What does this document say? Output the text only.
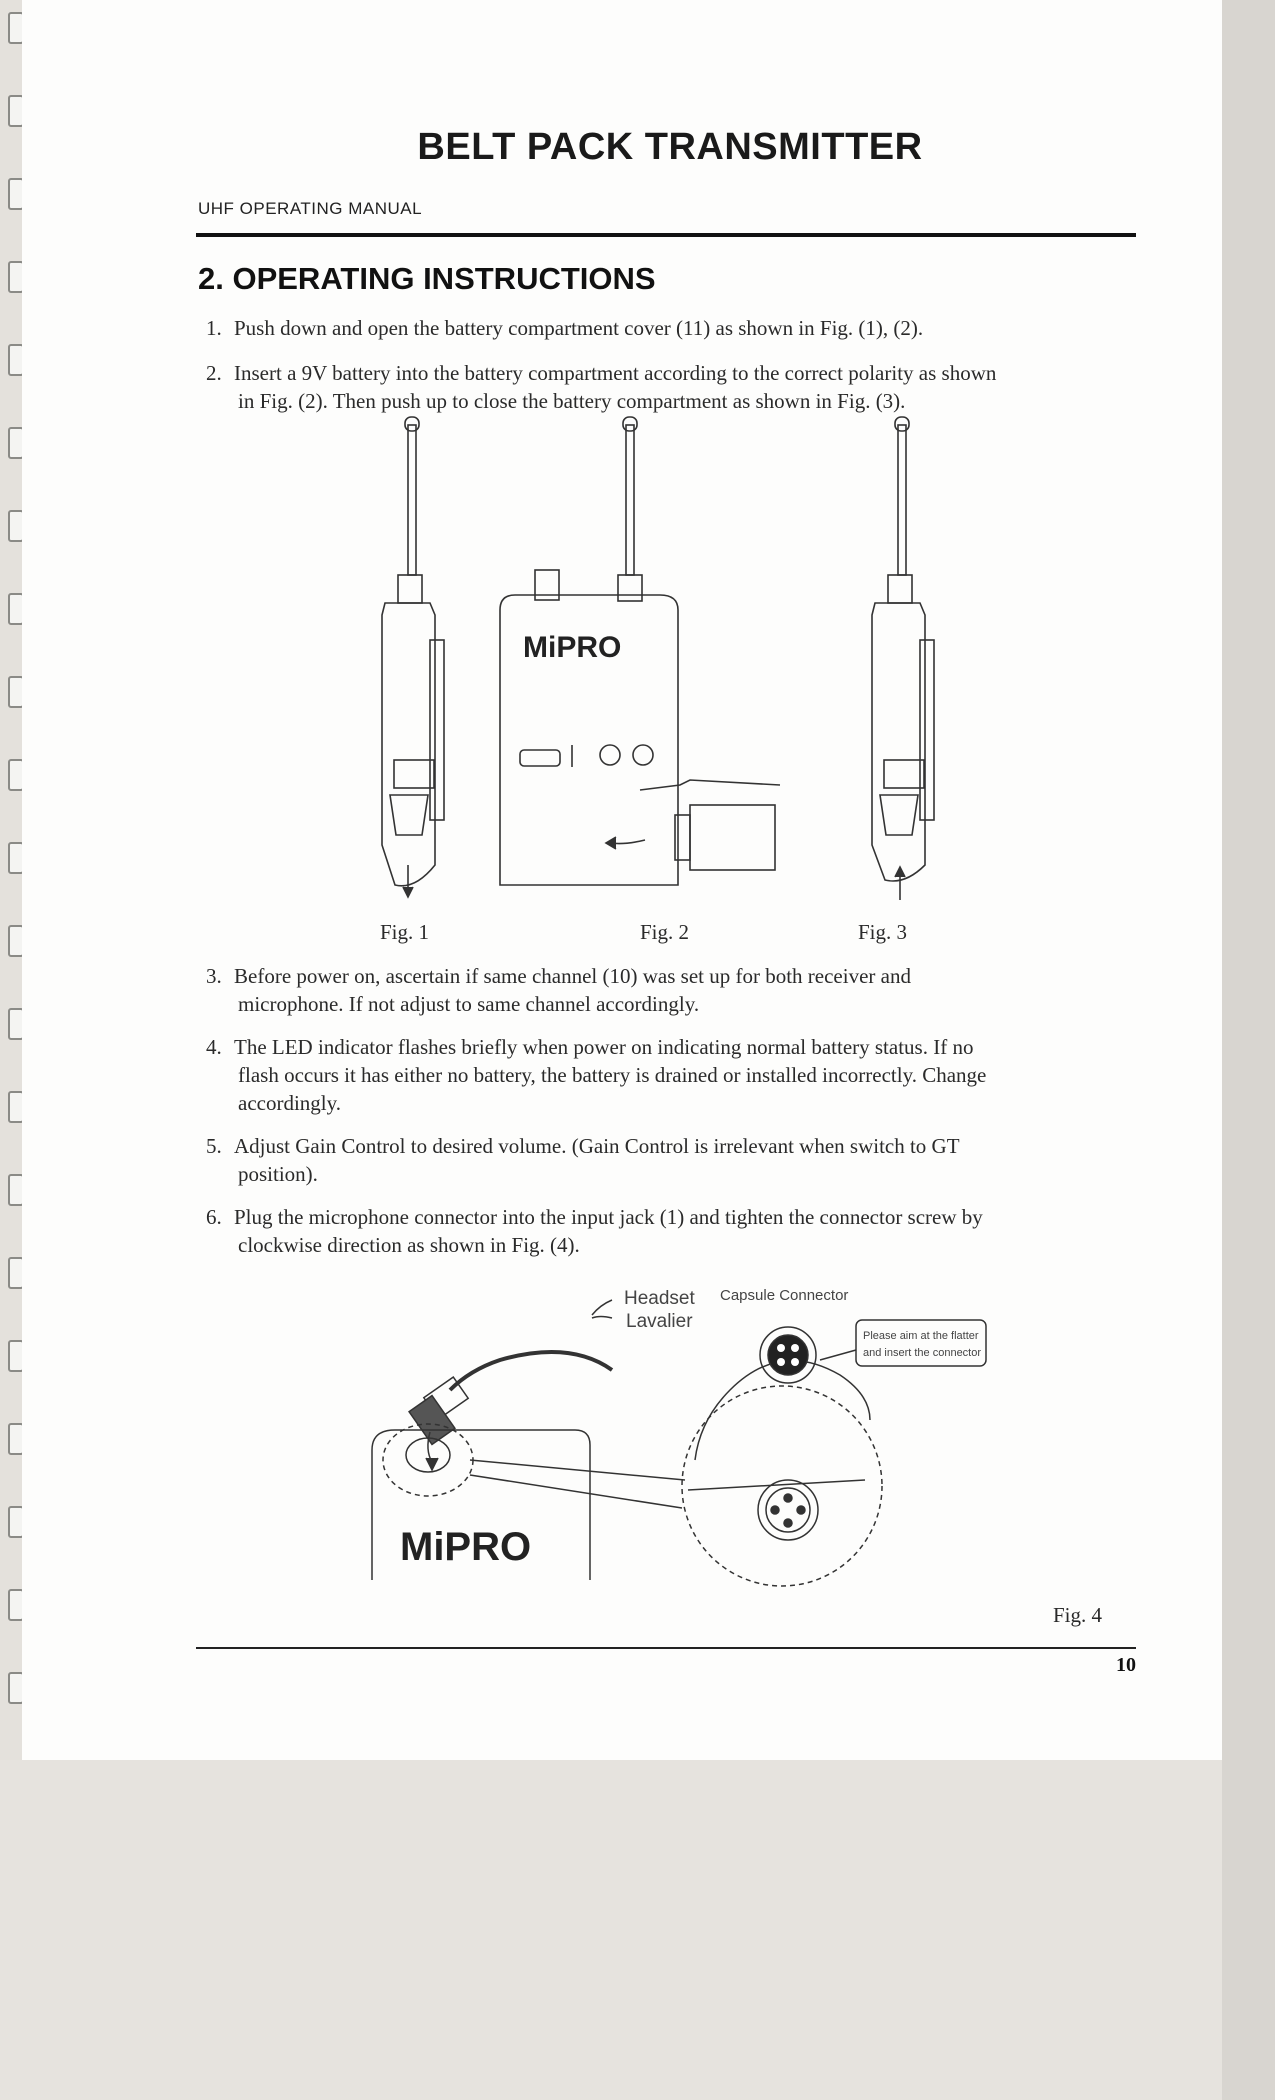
BELT PACK TRANSMITTER
UHF OPERATING MANUAL
2. OPERATING INSTRUCTIONS
1. Push down and open the battery compartment cover (11) as shown in Fig. (1), (2).
2. Insert a 9V battery into the battery compartment according to the correct polarity as shown
in Fig. (2). Then push up to close the battery compartment as shown in Fig. (3).
MiPRO
Fig. 1	Fig. 2	Fig. 3
3. Before power on, ascertain if same channel (10) was set up for both receiver and
microphone. If not adjust to same channel accordingly.
4. The LED indicator flashes briefly when power on indicating normal battery status. If no
flash occurs it has either no battery, the battery is drained or installed incorrectly. Change
accordingly.
5. Adjust Gain Control to desired volume. (Gain Control is irrelevant when switch to GT
position).
6. Plug the microphone connector into the input jack (1) and tighten the connector screw by
clockwise direction as shown in Fig. (4).
Headset
Lavalier
Capsule Connector
Please aim at the flatter
and insert the connector
MiPRO
Fig. 4
10
